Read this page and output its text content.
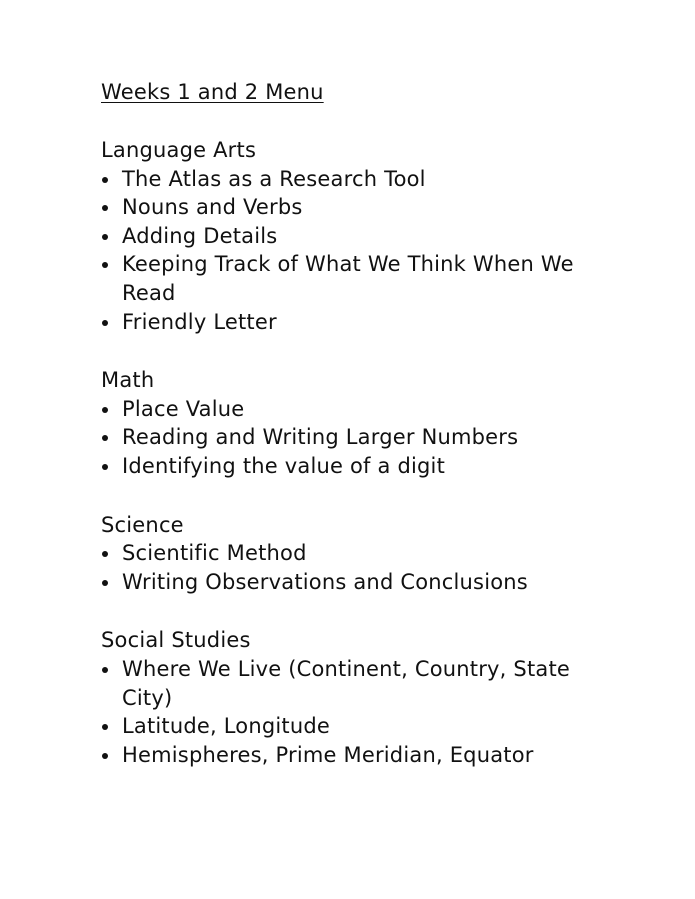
Weeks 1 and 2 Menu
Language Arts
The Atlas as a Research Tool
Nouns and Verbs
Adding Details
Keeping Track of What We Think When We Read
Friendly Letter
Math
Place Value
Reading and Writing Larger Numbers
Identifying the value of a digit
Science
Scientific Method
Writing Observations and Conclusions
Social Studies
Where We Live (Continent, Country, State City)
Latitude, Longitude
Hemispheres, Prime Meridian, Equator
